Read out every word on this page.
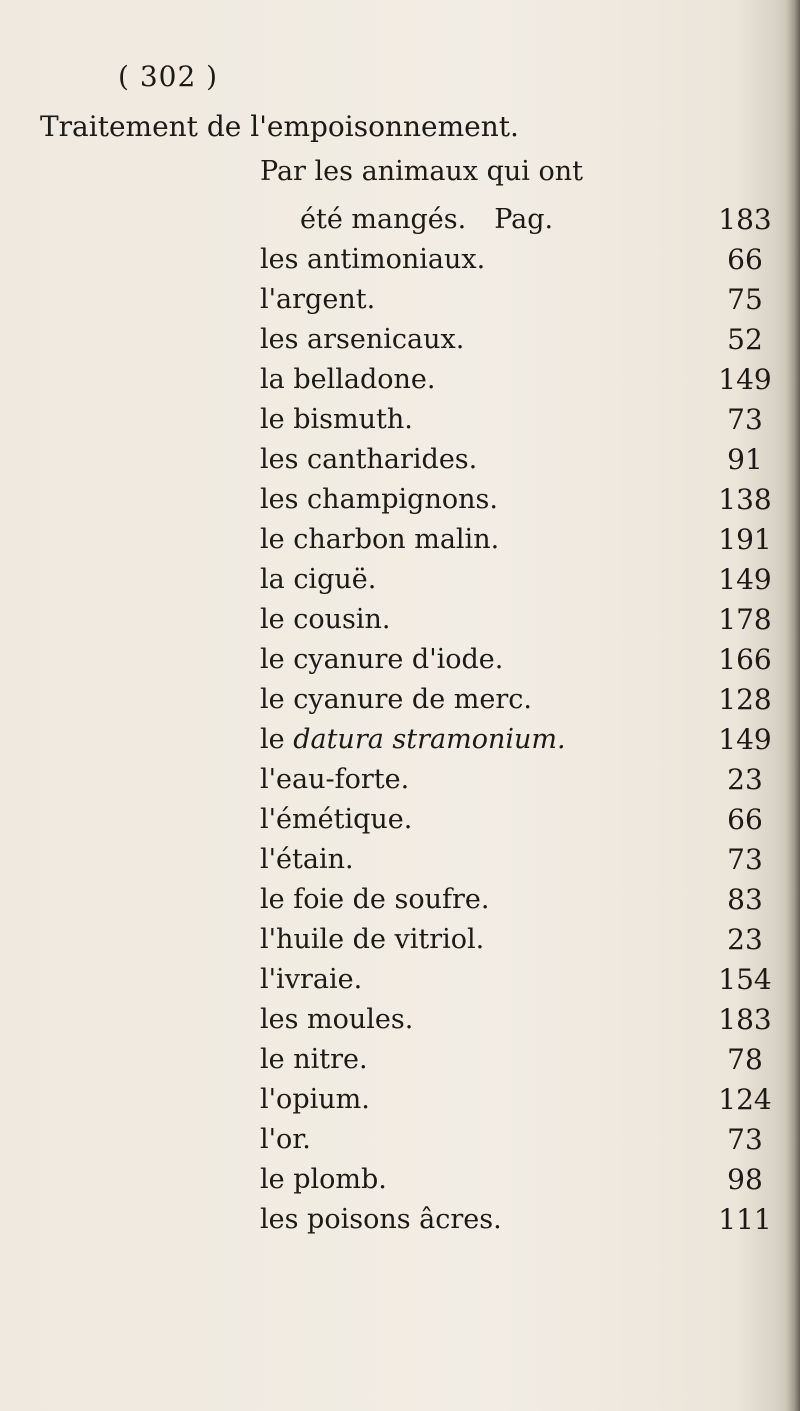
( 302 )
Traitement de l'empoisonnement.
Par les animaux qui ont
été mangés. Pag.	183
les antimoniaux.	66
l'argent.	75
les arsenicaux.	52
la belladone.	149
le bismuth.	73
les cantharides.	91
les champignons.	138
le charbon malin.	191
la ciguë.	149
le cousin.	178
le cyanure d'iode.	166
le cyanure de merc.	128
le datura stramonium.	149
l'eau-forte.	23
l'émétique.	66
l'étain.	73
le foie de soufre.	83
l'huile de vitriol.	23
l'ivraie.	154
les moules.	183
le nitre.	78
l'opium.	124
l'or.	73
le plomb.	98
les poisons âcres.	111
